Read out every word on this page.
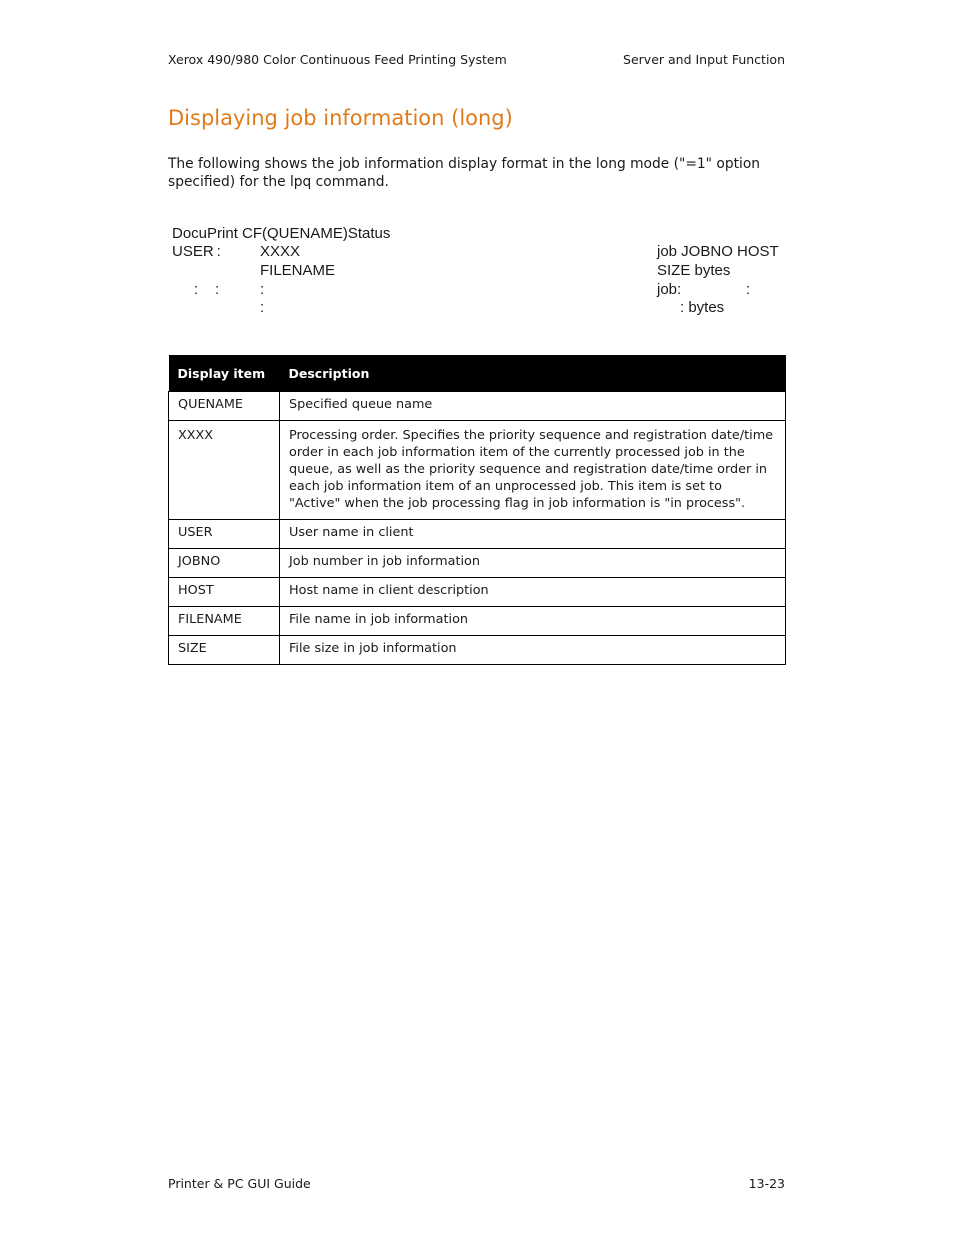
Xerox 490/980 Color Continuous Feed Printing System	Server and Input Function
Displaying job information (long)

The following shows the job information display format in the long mode ("=1" option specified) for the lpq command.

DocuPrint CF(QUENAME)Status
USER :	XXXX	job JOBNO HOST
FILENAME	SIZE bytes
: :	:	job:	:
:	: bytes
Display item	Description
QUENAME	Specified queue name
XXXX	Processing order. Specifies the priority sequence and registration date/time order in each job information item of the currently processed job in the queue, as well as the priority sequence and registration date/time order in each job information item of an unprocessed job. This item is set to "Active" when the job processing flag in job information is "in process".
USER	User name in client
JOBNO	Job number in job information
HOST	Host name in client description
FILENAME	File name in job information
SIZE	File size in job information
Printer & PC GUI Guide	13-23
